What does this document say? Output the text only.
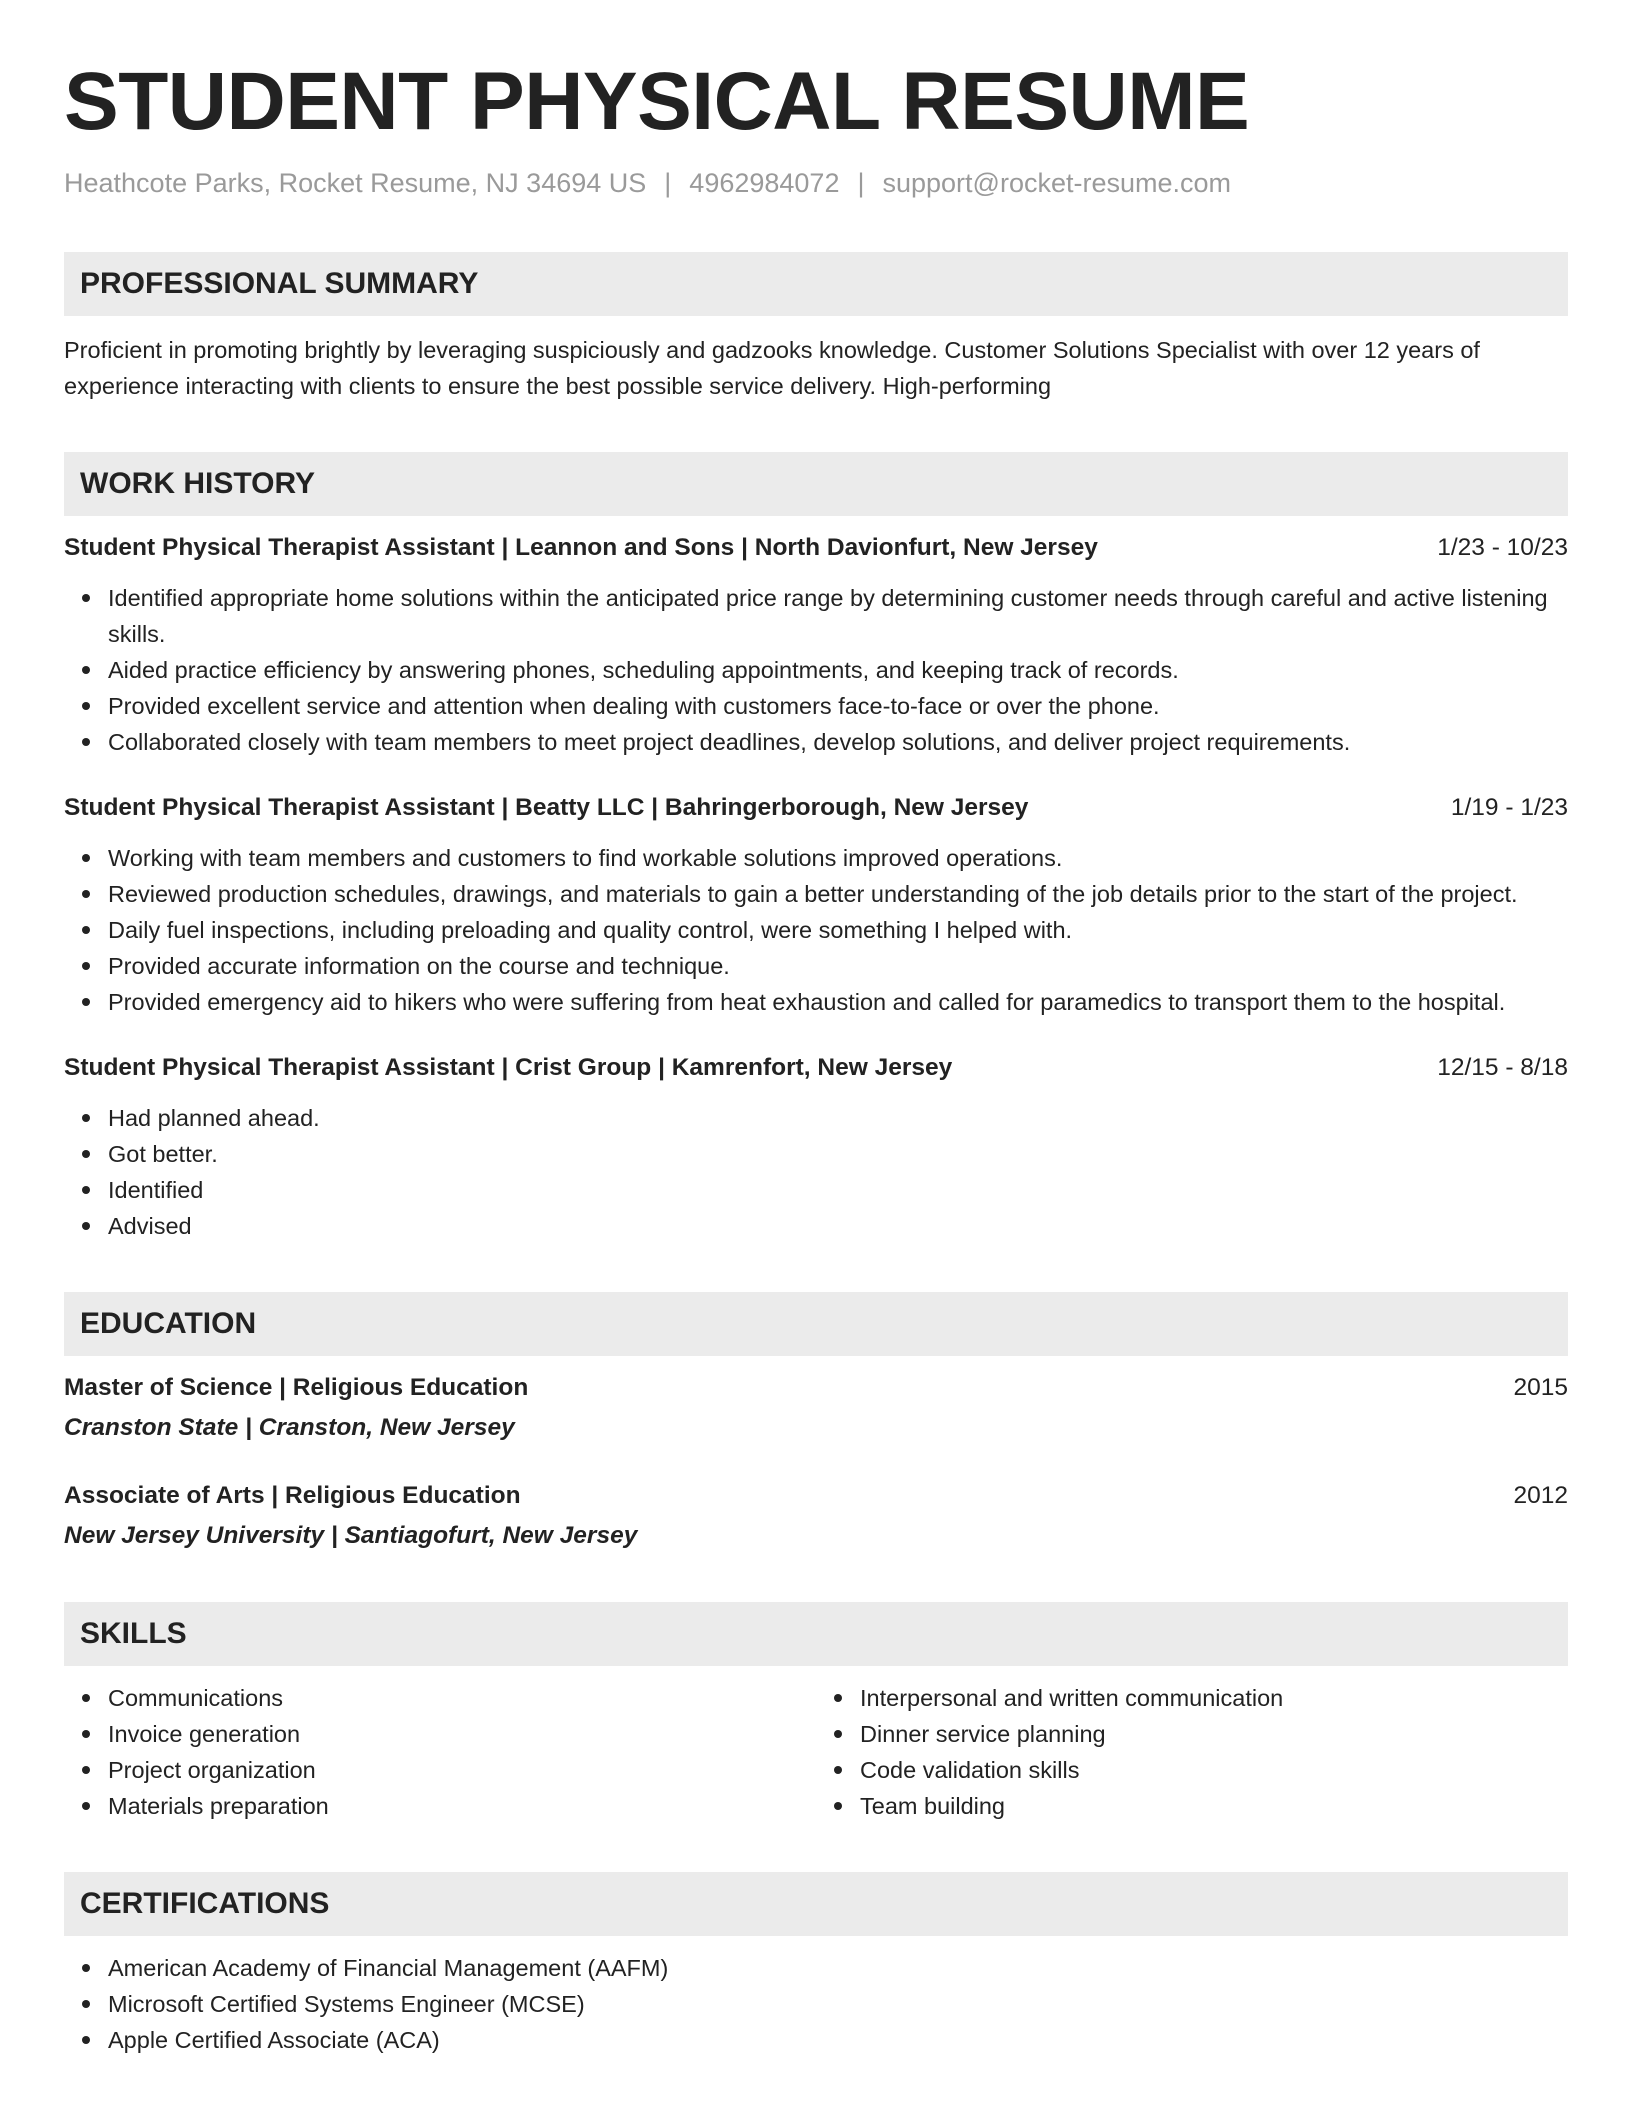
STUDENT PHYSICAL RESUME
Heathcote Parks, Rocket Resume, NJ 34694 US | 4962984072 | support@rocket-resume.com
PROFESSIONAL SUMMARY
Proficient in promoting brightly by leveraging suspiciously and gadzooks knowledge. Customer Solutions Specialist with over 12 years of experience interacting with clients to ensure the best possible service delivery. High-performing
WORK HISTORY
Student Physical Therapist Assistant | Leannon and Sons | North Davionfurt, New Jersey	1/23 - 10/23
Identified appropriate home solutions within the anticipated price range by determining customer needs through careful and active listening skills.
Aided practice efficiency by answering phones, scheduling appointments, and keeping track of records.
Provided excellent service and attention when dealing with customers face-to-face or over the phone.
Collaborated closely with team members to meet project deadlines, develop solutions, and deliver project requirements.
Student Physical Therapist Assistant | Beatty LLC | Bahringerborough, New Jersey	1/19 - 1/23
Working with team members and customers to find workable solutions improved operations.
Reviewed production schedules, drawings, and materials to gain a better understanding of the job details prior to the start of the project.
Daily fuel inspections, including preloading and quality control, were something I helped with.
Provided accurate information on the course and technique.
Provided emergency aid to hikers who were suffering from heat exhaustion and called for paramedics to transport them to the hospital.
Student Physical Therapist Assistant | Crist Group | Kamrenfort, New Jersey	12/15 - 8/18
Had planned ahead.
Got better.
Identified
Advised
EDUCATION
Master of Science | Religious Education	2015
Cranston State | Cranston, New Jersey
Associate of Arts | Religious Education	2012
New Jersey University | Santiagofurt, New Jersey
SKILLS
Communications
Invoice generation
Project organization
Materials preparation
Interpersonal and written communication
Dinner service planning
Code validation skills
Team building
CERTIFICATIONS
American Academy of Financial Management (AAFM)
Microsoft Certified Systems Engineer (MCSE)
Apple Certified Associate (ACA)
